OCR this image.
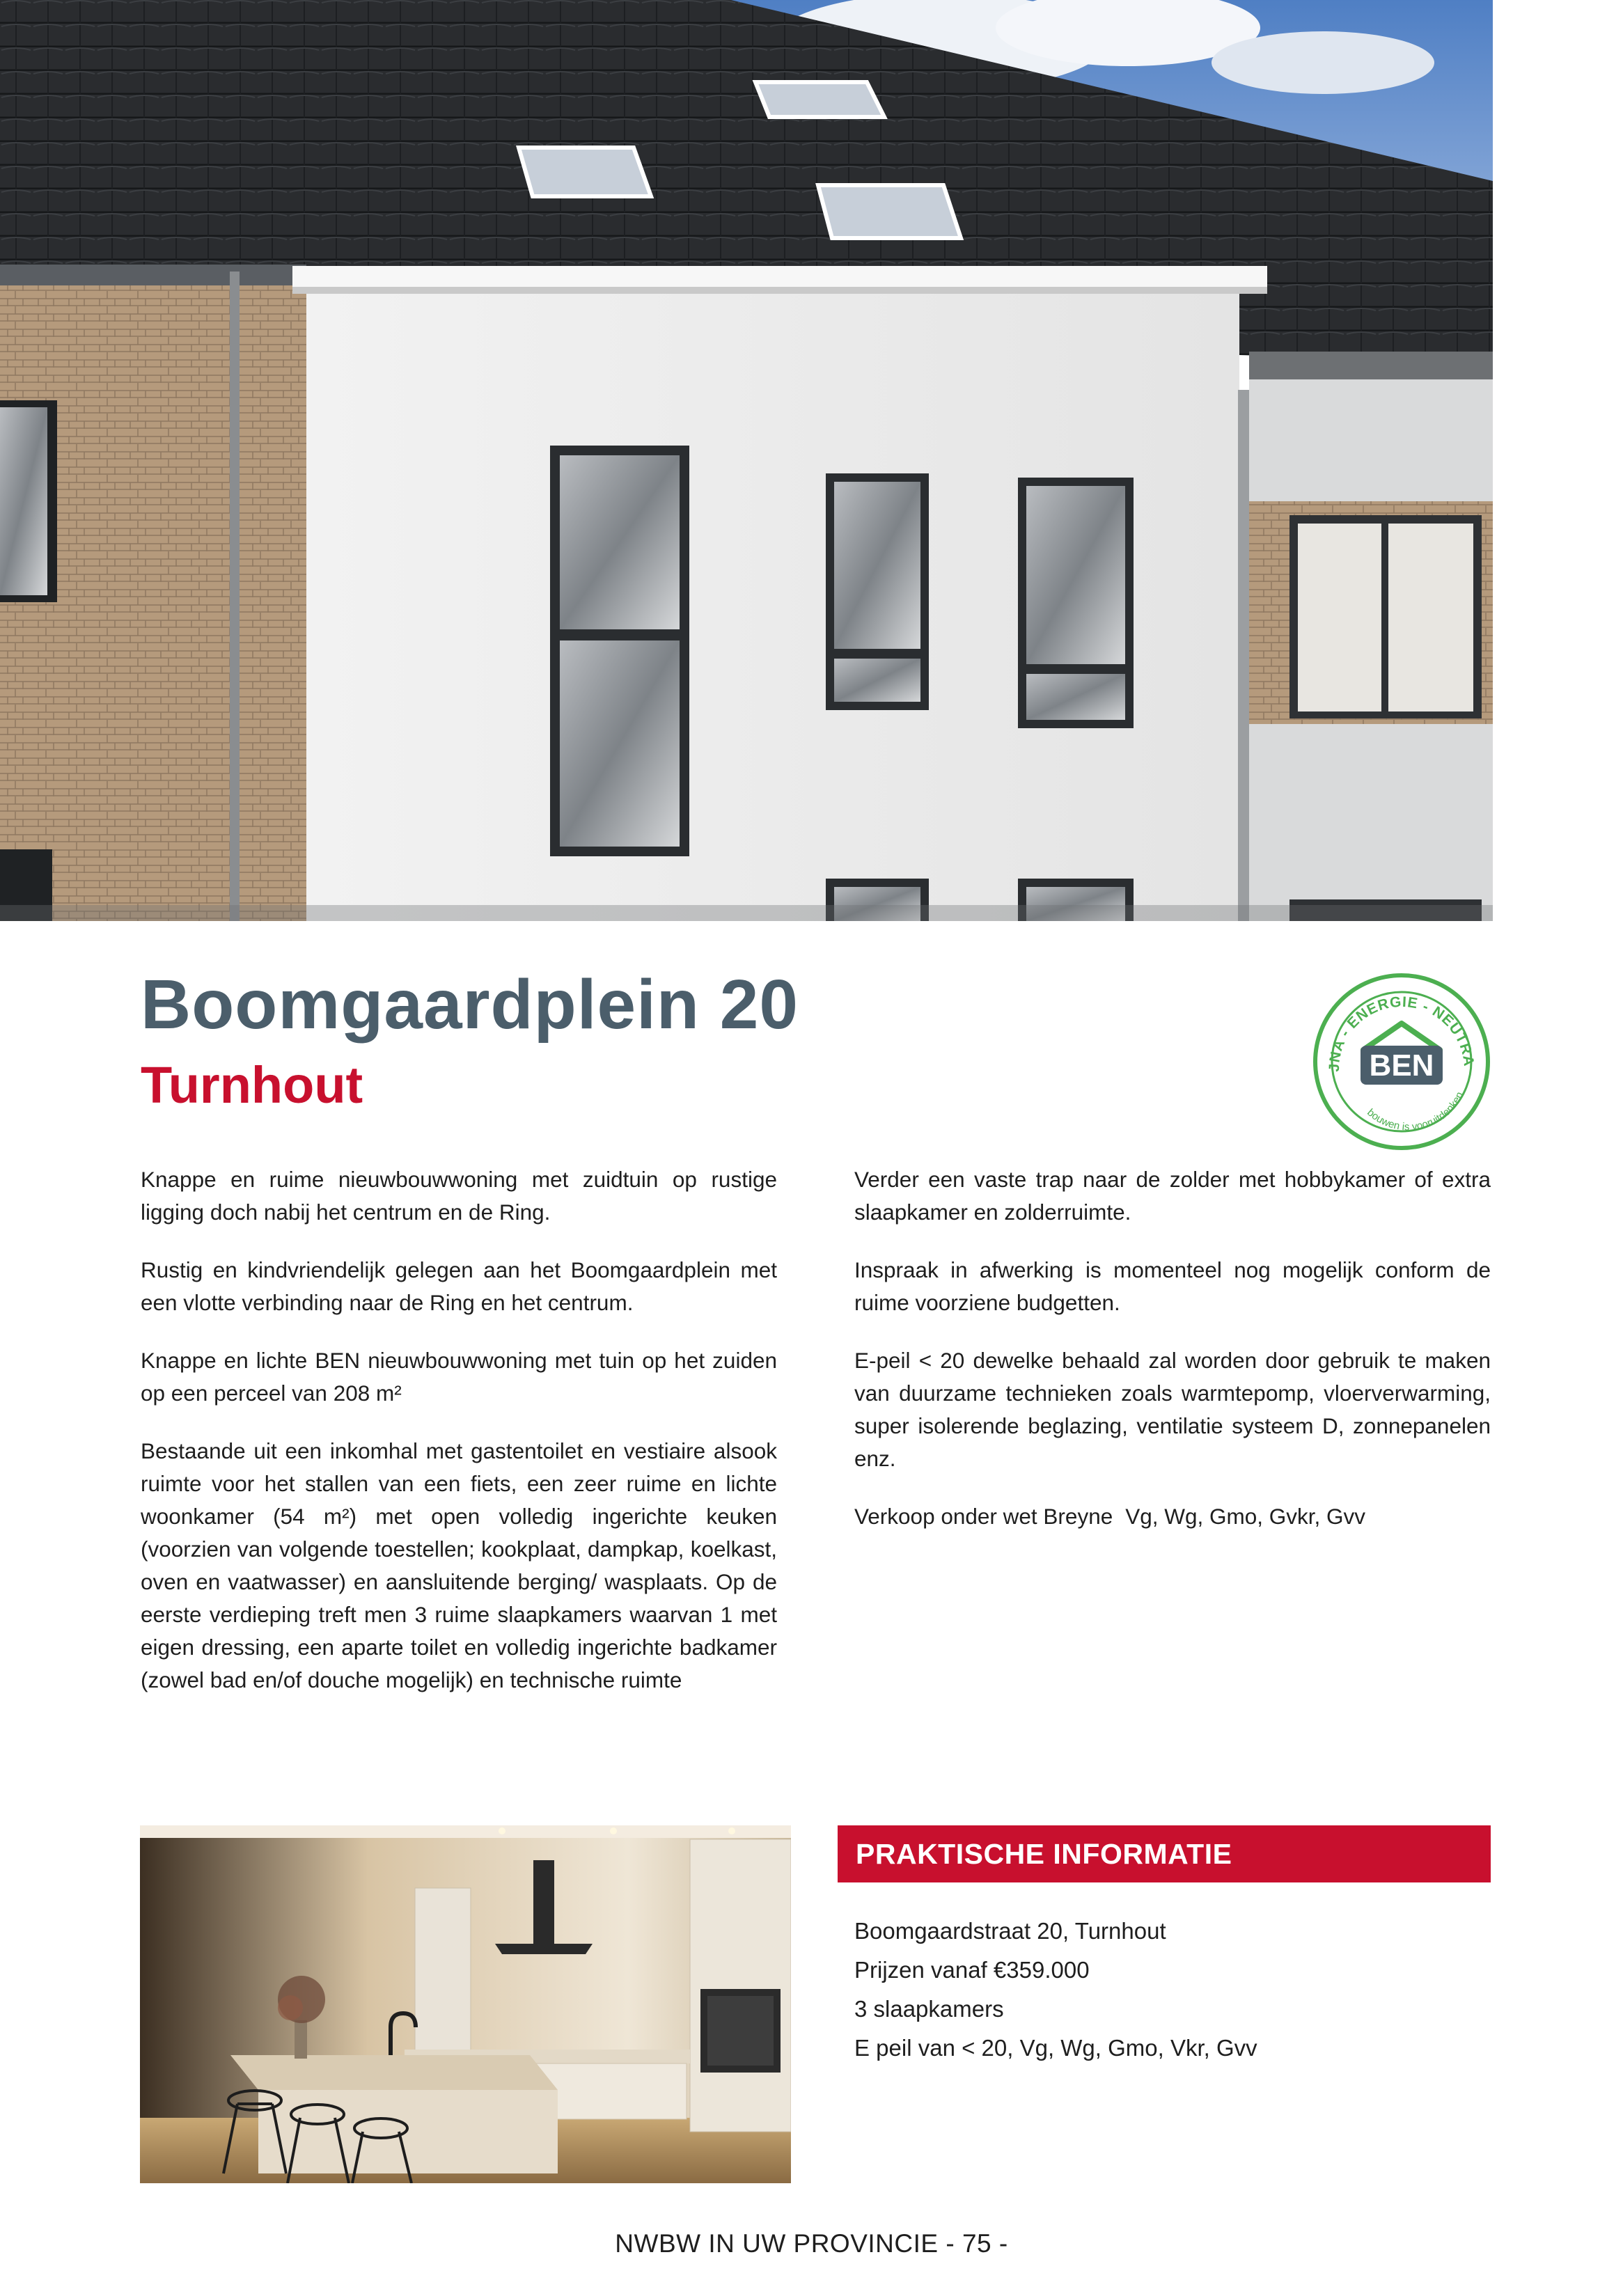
Boomgaardplein 20
Turnhout	JNA - ENERGIE - NEUTRA
BEN
bouwen is vooruitdenken

Knappe en ruime nieuwbouwwoning met zuidtuin op rustige ligging doch nabij het centrum en de Ring.

Rustig en kindvriendelijk gelegen aan het Boomgaardplein met een vlotte verbinding naar de Ring en het centrum.

Knappe en lichte BEN nieuwbouwwoning met tuin op het zuiden op een perceel van 208 m²

Bestaande uit een inkomhal met gastentoilet en vestiaire alsook ruimte voor het stallen van een fiets, een zeer ruime en lichte woonkamer (54 m²) met open volledig ingerichte keuken (voorzien van volgende toestellen; kookplaat, dampkap, koelkast, oven en vaatwasser) en aansluitende berging/ wasplaats. Op de eerste verdieping treft men 3 ruime slaapkamers waarvan 1 met eigen dressing, een aparte toilet en volledig ingerichte badkamer (zowel bad en/of douche mogelijk) en technische ruimte

Verder een vaste trap naar de zolder met hobbykamer of extra slaapkamer en zolderruimte.

Inspraak in afwerking is momenteel nog mogelijk conform de ruime voorziene budgetten.

E-peil < 20 dewelke behaald zal worden door gebruik te maken van duurzame technieken zoals warmtepomp, vloerverwarming, super isolerende beglazing, ventilatie systeem D, zonnepanelen enz.

Verkoop onder wet Breyne Vg, Wg, Gmo, Gvkr, Gvv

PRAKTISCHE INFORMATIE
Boomgaardstraat 20, Turnhout
Prijzen vanaf €359.000
3 slaapkamers
E peil van < 20, Vg, Wg, Gmo, Vkr, Gvv
NWBW IN UW PROVINCIE - 75 -
